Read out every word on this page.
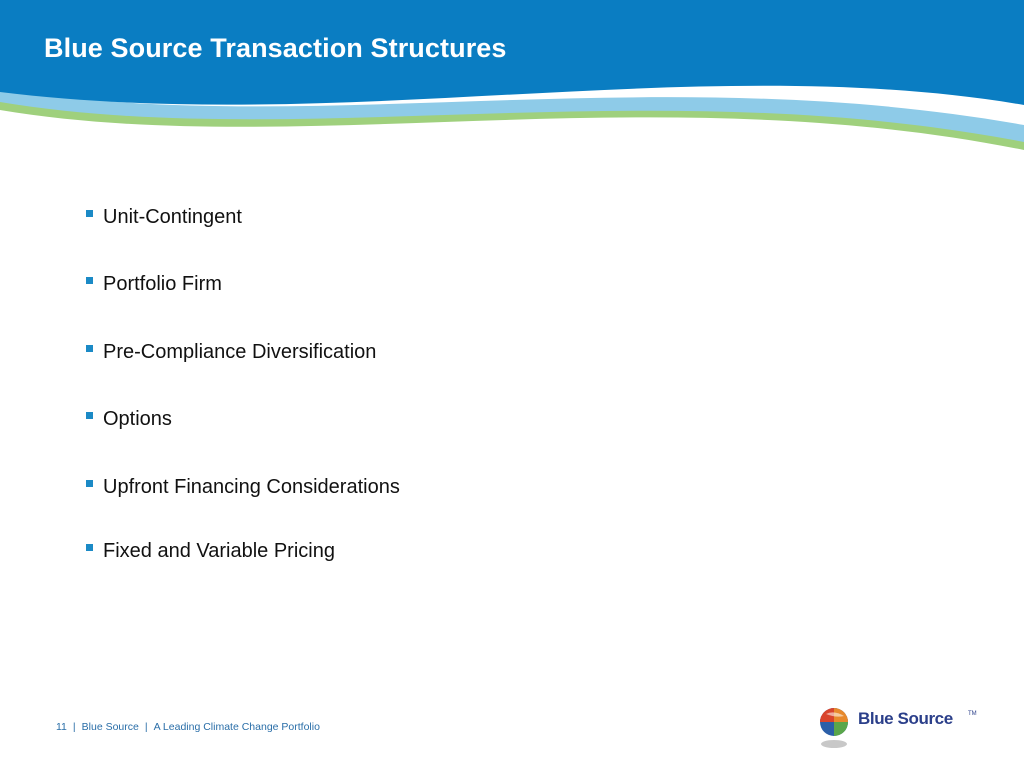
Blue Source Transaction Structures
Unit-Contingent
Portfolio Firm
Pre-Compliance Diversification
Options
Upfront Financing Considerations
Fixed and Variable Pricing
11 | Blue Source | A Leading Climate Change Portfolio	Blue Source	TM
